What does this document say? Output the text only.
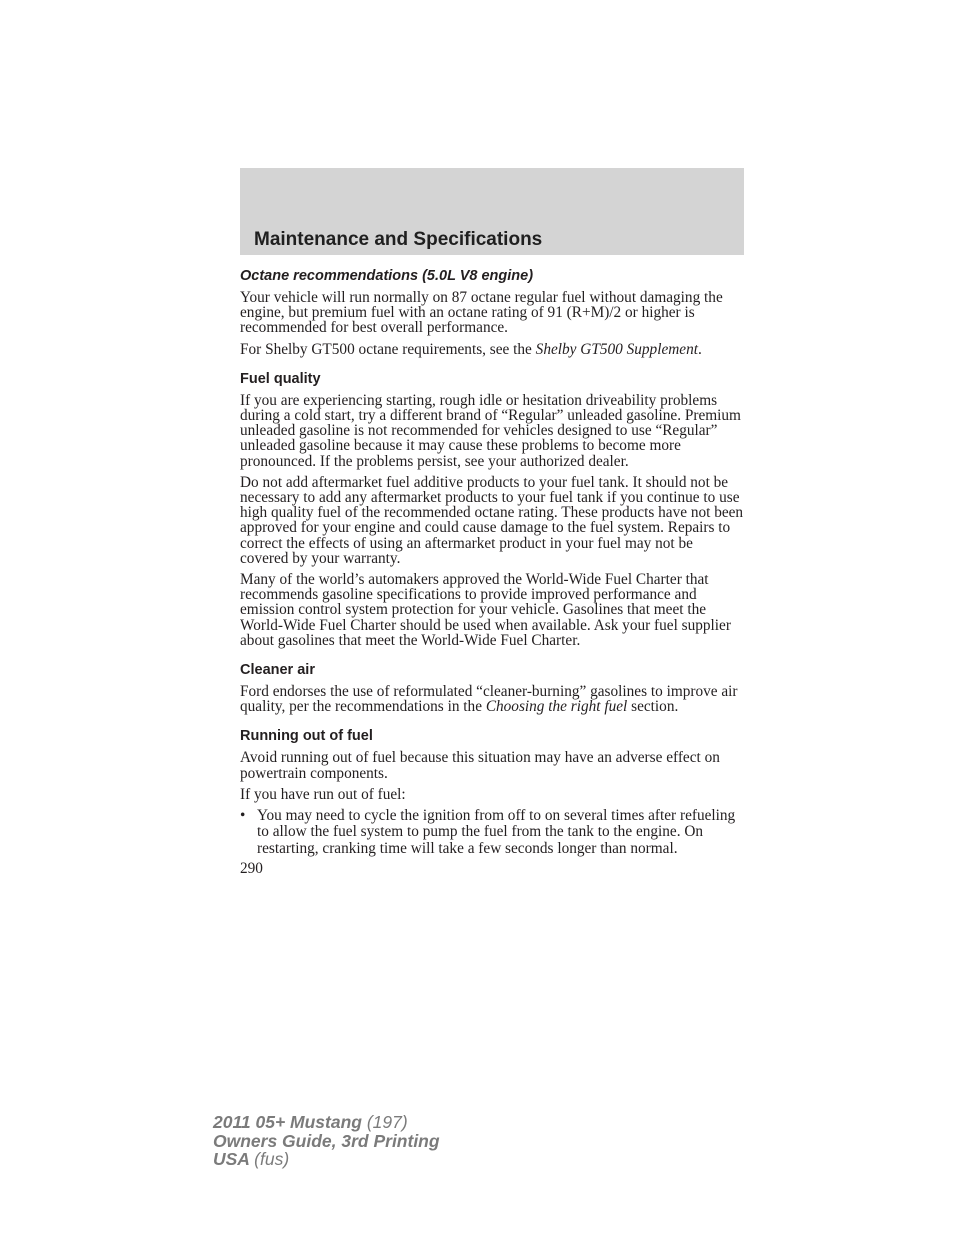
Maintenance and Specifications
Octane recommendations (5.0L V8 engine)

Your vehicle will run normally on 87 octane regular fuel without damaging the engine, but premium fuel with an octane rating of 91 (R+M)/2 or higher is recommended for best overall performance.

For Shelby GT500 octane requirements, see the Shelby GT500 Supplement.

Fuel quality

If you are experiencing starting, rough idle or hesitation driveability problems during a cold start, try a different brand of “Regular” unleaded gasoline. Premium unleaded gasoline is not recommended for vehicles designed to use “Regular” unleaded gasoline because it may cause these problems to become more pronounced. If the problems persist, see your authorized dealer.

Do not add aftermarket fuel additive products to your fuel tank. It should not be necessary to add any aftermarket products to your fuel tank if you continue to use high quality fuel of the recommended octane rating. These products have not been approved for your engine and could cause damage to the fuel system. Repairs to correct the effects of using an aftermarket product in your fuel may not be covered by your warranty.

Many of the world’s automakers approved the World-Wide Fuel Charter that recommends gasoline specifications to provide improved performance and emission control system protection for your vehicle. Gasolines that meet the World-Wide Fuel Charter should be used when available. Ask your fuel supplier about gasolines that meet the World-Wide Fuel Charter.

Cleaner air

Ford endorses the use of reformulated “cleaner-burning” gasolines to improve air quality, per the recommendations in the Choosing the right fuel section.

Running out of fuel

Avoid running out of fuel because this situation may have an adverse effect on powertrain components.

If you have run out of fuel:

• You may need to cycle the ignition from off to on several times after refueling to allow the fuel system to pump the fuel from the tank to the engine. On restarting, cranking time will take a few seconds longer than normal.

290

2011 05+ Mustang (197)
Owners Guide, 3rd Printing
USA (fus)
